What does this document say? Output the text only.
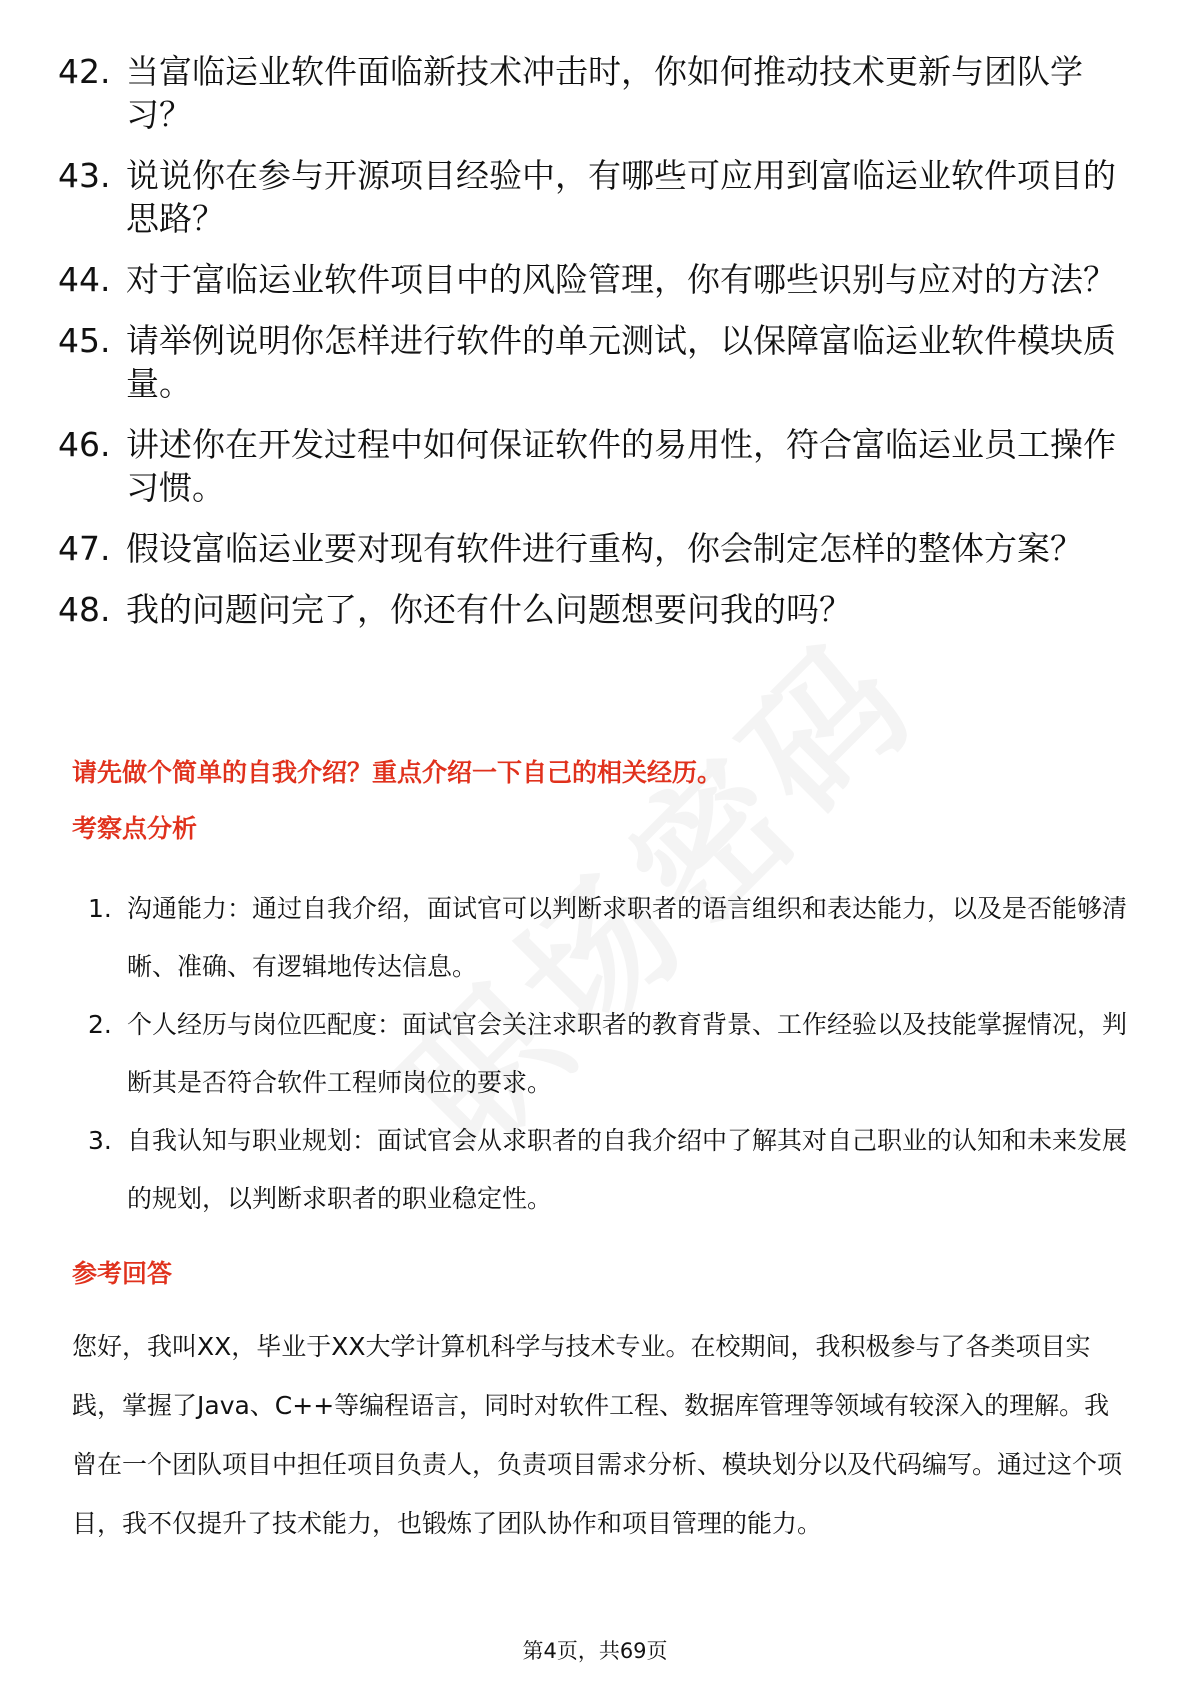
42. 当富临运业软件面临新技术冲击时，你如何推动技术更新与团队学习？
43. 说说你在参与开源项目经验中，有哪些可应用到富临运业软件项目的思路？
44. 对于富临运业软件项目中的风险管理，你有哪些识别与应对的方法？
45. 请举例说明你怎样进行软件的单元测试，以保障富临运业软件模块质量。
46. 讲述你在开发过程中如何保证软件的易用性，符合富临运业员工操作习惯。
47. 假设富临运业要对现有软件进行重构，你会制定怎样的整体方案？
48. 我的问题问完了，你还有什么问题想要问我的吗？
请先做个简单的自我介绍？重点介绍一下自己的相关经历。
考察点分析
1. 沟通能力：通过自我介绍，面试官可以判断求职者的语言组织和表达能力，以及是否能够清晰、准确、有逻辑地传达信息。
2. 个人经历与岗位匹配度：面试官会关注求职者的教育背景、工作经验以及技能掌握情况，判断其是否符合软件工程师岗位的要求。
3. 自我认知与职业规划：面试官会从求职者的自我介绍中了解其对自己职业的认知和未来发展的规划，以判断求职者的职业稳定性。
参考回答

您好，我叫XX，毕业于XX大学计算机科学与技术专业。在校期间，我积极参与了各类项目实践，掌握了Java、C++等编程语言，同时对软件工程、数据库管理等领域有较深入的理解。我曾在一个团队项目中担任项目负责人，负责项目需求分析、模块划分以及代码编写。通过这个项目，我不仅提升了技术能力，也锻炼了团队协作和项目管理的能力。

第4页，共69页
